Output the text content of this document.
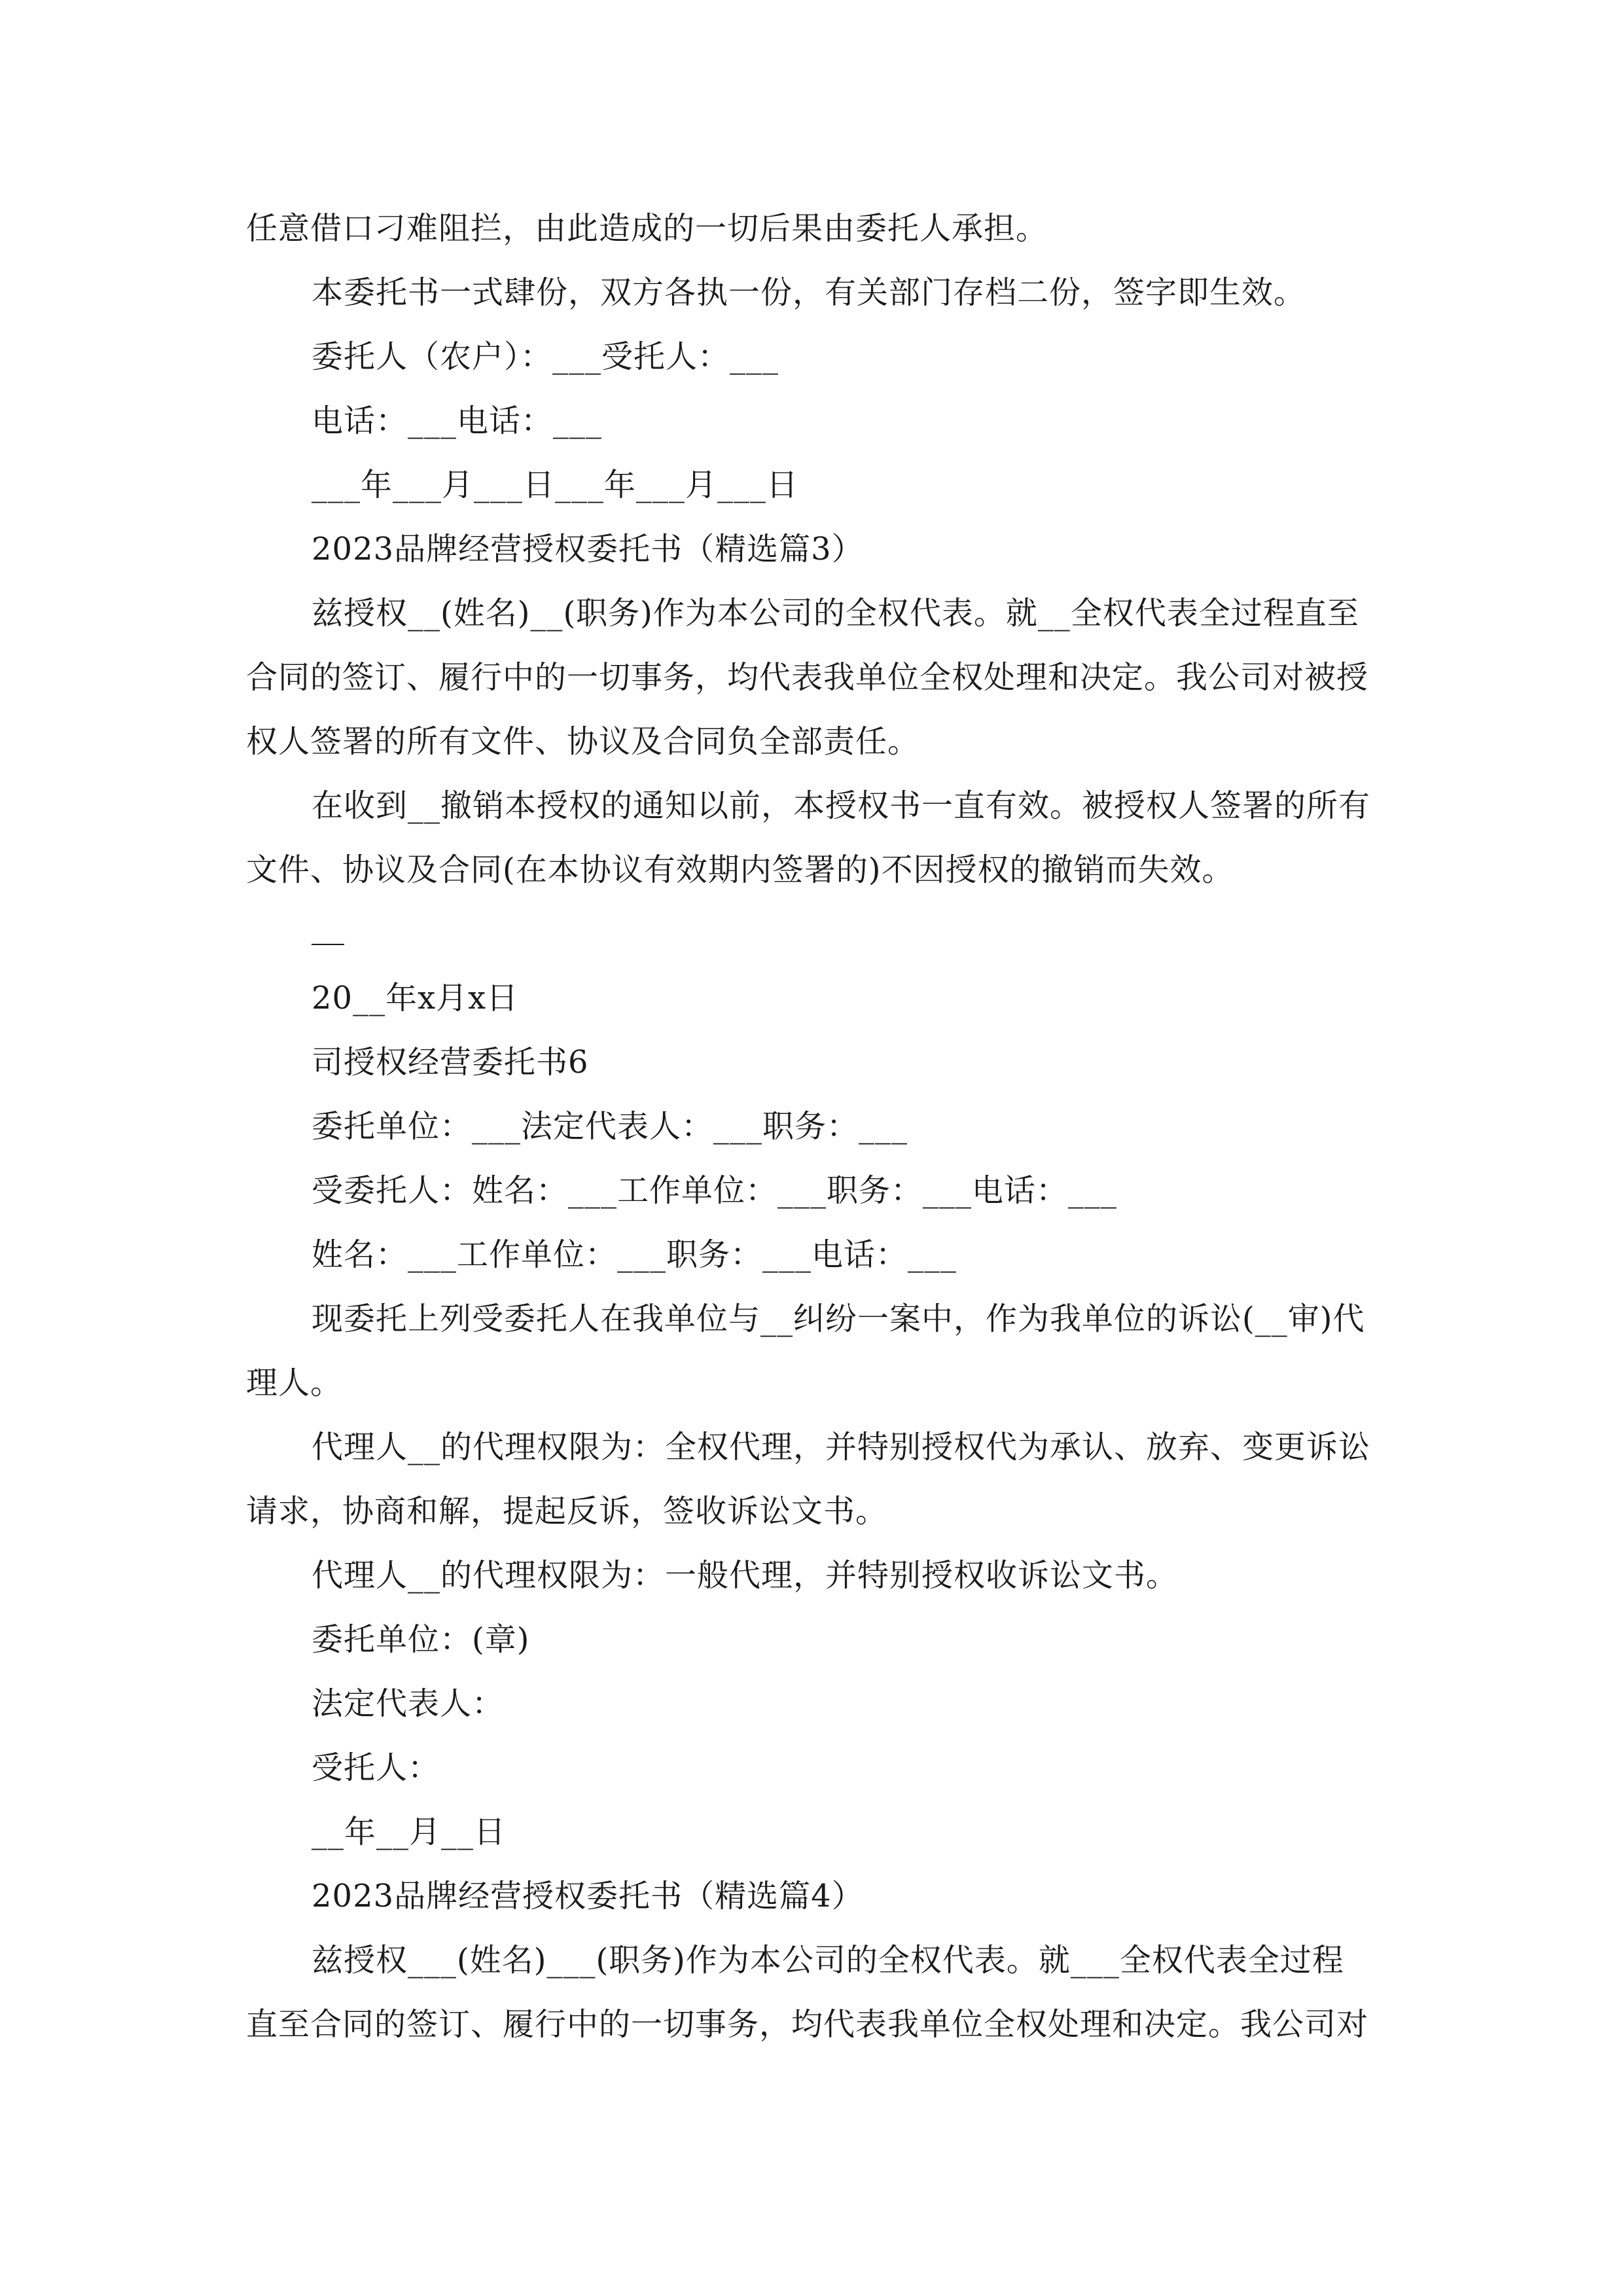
任意借口刁难阻拦，由此造成的一切后果由委托人承担。
本委托书一式肆份，双方各执一份，有关部门存档二份，签字即生效。
委托人（农户）：___受托人：___
电话：___电话：___
___年___月___日___年___月___日
2023品牌经营授权委托书（精选篇3）
兹授权__(姓名)__(职务)作为本公司的全权代表。就__全权代表全过程直至
合同的签订、履行中的一切事务，均代表我单位全权处理和决定。我公司对被授
权人签署的所有文件、协议及合同负全部责任。
在收到__撤销本授权的通知以前，本授权书一直有效。被授权人签署的所有
文件、协议及合同(在本协议有效期内签署的)不因授权的撤销而失效。
20__年x月x日
司授权经营委托书6
委托单位：___法定代表人：___职务：___
受委托人：姓名：___工作单位：___职务：___电话：___
姓名：___工作单位：___职务：___电话：___
现委托上列受委托人在我单位与__纠纷一案中，作为我单位的诉讼(__审)代
理人。
代理人__的代理权限为：全权代理，并特别授权代为承认、放弃、变更诉讼
请求，协商和解，提起反诉，签收诉讼文书。
代理人__的代理权限为：一般代理，并特别授权收诉讼文书。
委托单位：(章)
法定代表人：
受托人：
__年__月__日
2023品牌经营授权委托书（精选篇4）
兹授权___(姓名)___(职务)作为本公司的全权代表。就___全权代表全过程
直至合同的签订、履行中的一切事务，均代表我单位全权处理和决定。我公司对
